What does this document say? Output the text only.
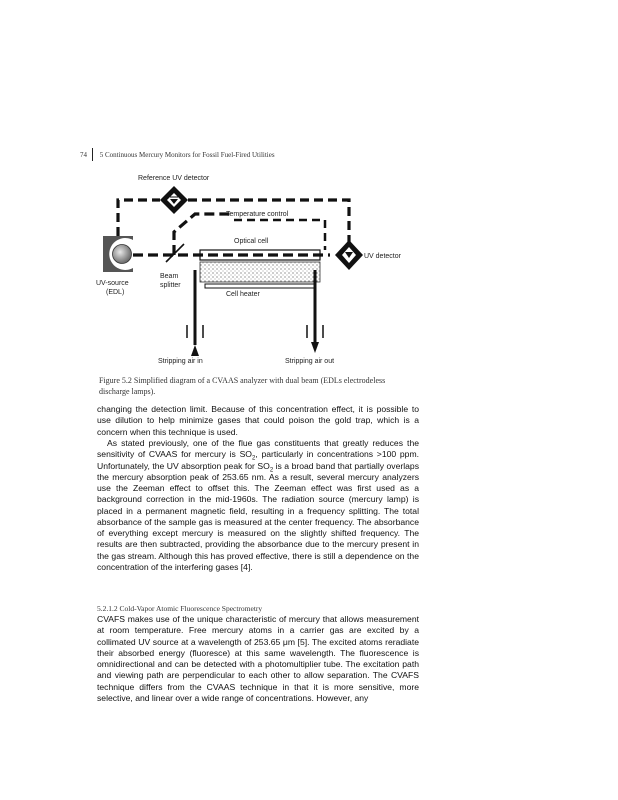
74 5 Continuous Mercury Monitors for Fossil Fuel-Fired Utilities
Reference UV detector
Temperature control
Optical cell
Cell heater
UV-source
(EDL)
Beam
splitter
UV detector
Stripping air in	Stripping air out
Figure 5.2 Simplified diagram of a CVAAS analyzer with dual beam (EDLs electrodeless
discharge lamps).

changing the detection limit. Because of this concentration effect, it is possible to use dilution to help minimize gases that could poison the gold trap, which is a concern when this technique is used.

As stated previously, one of the flue gas constituents that greatly reduces the sensitivity of CVAAS for mercury is $SO_2$, particularly in concentrations >100 ppm. Unfortunately, the UV absorption peak for $SO_2$ is a broad band that partially overlaps the mercury absorption peak of 253.65 nm. As a result, several mercury analyzers use the Zeeman effect to offset this. The Zeeman effect was first used as a background correction in the mid-1960s. The radiation source (mercury lamp) is placed in a permanent magnetic field, resulting in a frequency splitting. The total absorbance of the sample gas is measured at the center frequency. The absorbance of everything except mercury is measured on the slightly shifted frequency. The results are then subtracted, providing the absorbance due to the mercury present in the gas stream. Although this has proved effective, there is still a dependence on the concentration of the interfering gases [4].

5.2.1.2 Cold-Vapor Atomic Fluorescence Spectrometry

CVAFS makes use of the unique characteristic of mercury that allows measurement at room temperature. Free mercury atoms in a carrier gas are excited by a collimated UV source at a wavelength of 253.65 μm [5]. The excited atoms reradiate their absorbed energy (fluoresce) at this same wavelength. The fluorescence is omnidirectional and can be detected with a photomultiplier tube. The excitation path and viewing path are perpendicular to each other to allow separation. The CVAFS technique differs from the CVAAS technique in that it is more sensitive, more selective, and linear over a wide range of concentrations. However, any
